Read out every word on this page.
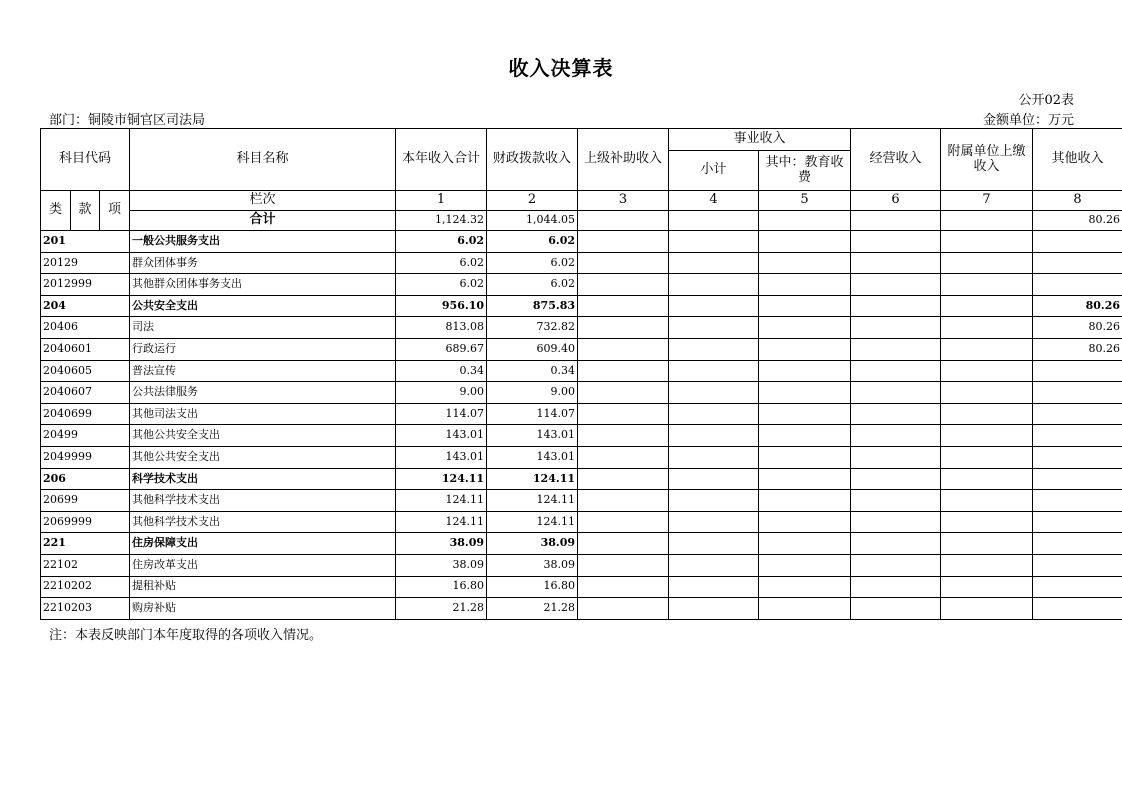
收入决算表
公开02表
部门：铜陵市铜官区司法局	金额单位：万元
科目代码			科目名称	本年收入合计	财政拨款收入	上级补助收入	事业收入		经营收入	附属单位上缴收入	其他收入
							小计	其中：教育收费			
类	款	项	栏次	1	2	3	4	5	6	7	8
			合计	1,124.32	1,044.05						80.26
201			一般公共服务支出	6.02	6.02						
20129			群众团体事务	6.02	6.02						
2012999			其他群众团体事务支出	6.02	6.02						
204			公共安全支出	956.10	875.83						80.26
20406			司法	813.08	732.82						80.26
2040601			行政运行	689.67	609.40						80.26
2040605			普法宣传	0.34	0.34						
2040607			公共法律服务	9.00	9.00						
2040699			其他司法支出	114.07	114.07						
20499			其他公共安全支出	143.01	143.01						
2049999			其他公共安全支出	143.01	143.01						
206			科学技术支出	124.11	124.11						
20699			其他科学技术支出	124.11	124.11						
2069999			其他科学技术支出	124.11	124.11						
221			住房保障支出	38.09	38.09						
22102			住房改革支出	38.09	38.09						
2210202			提租补贴	16.80	16.80						
2210203			购房补贴	21.28	21.28						
注：本表反映部门本年度取得的各项收入情况。
